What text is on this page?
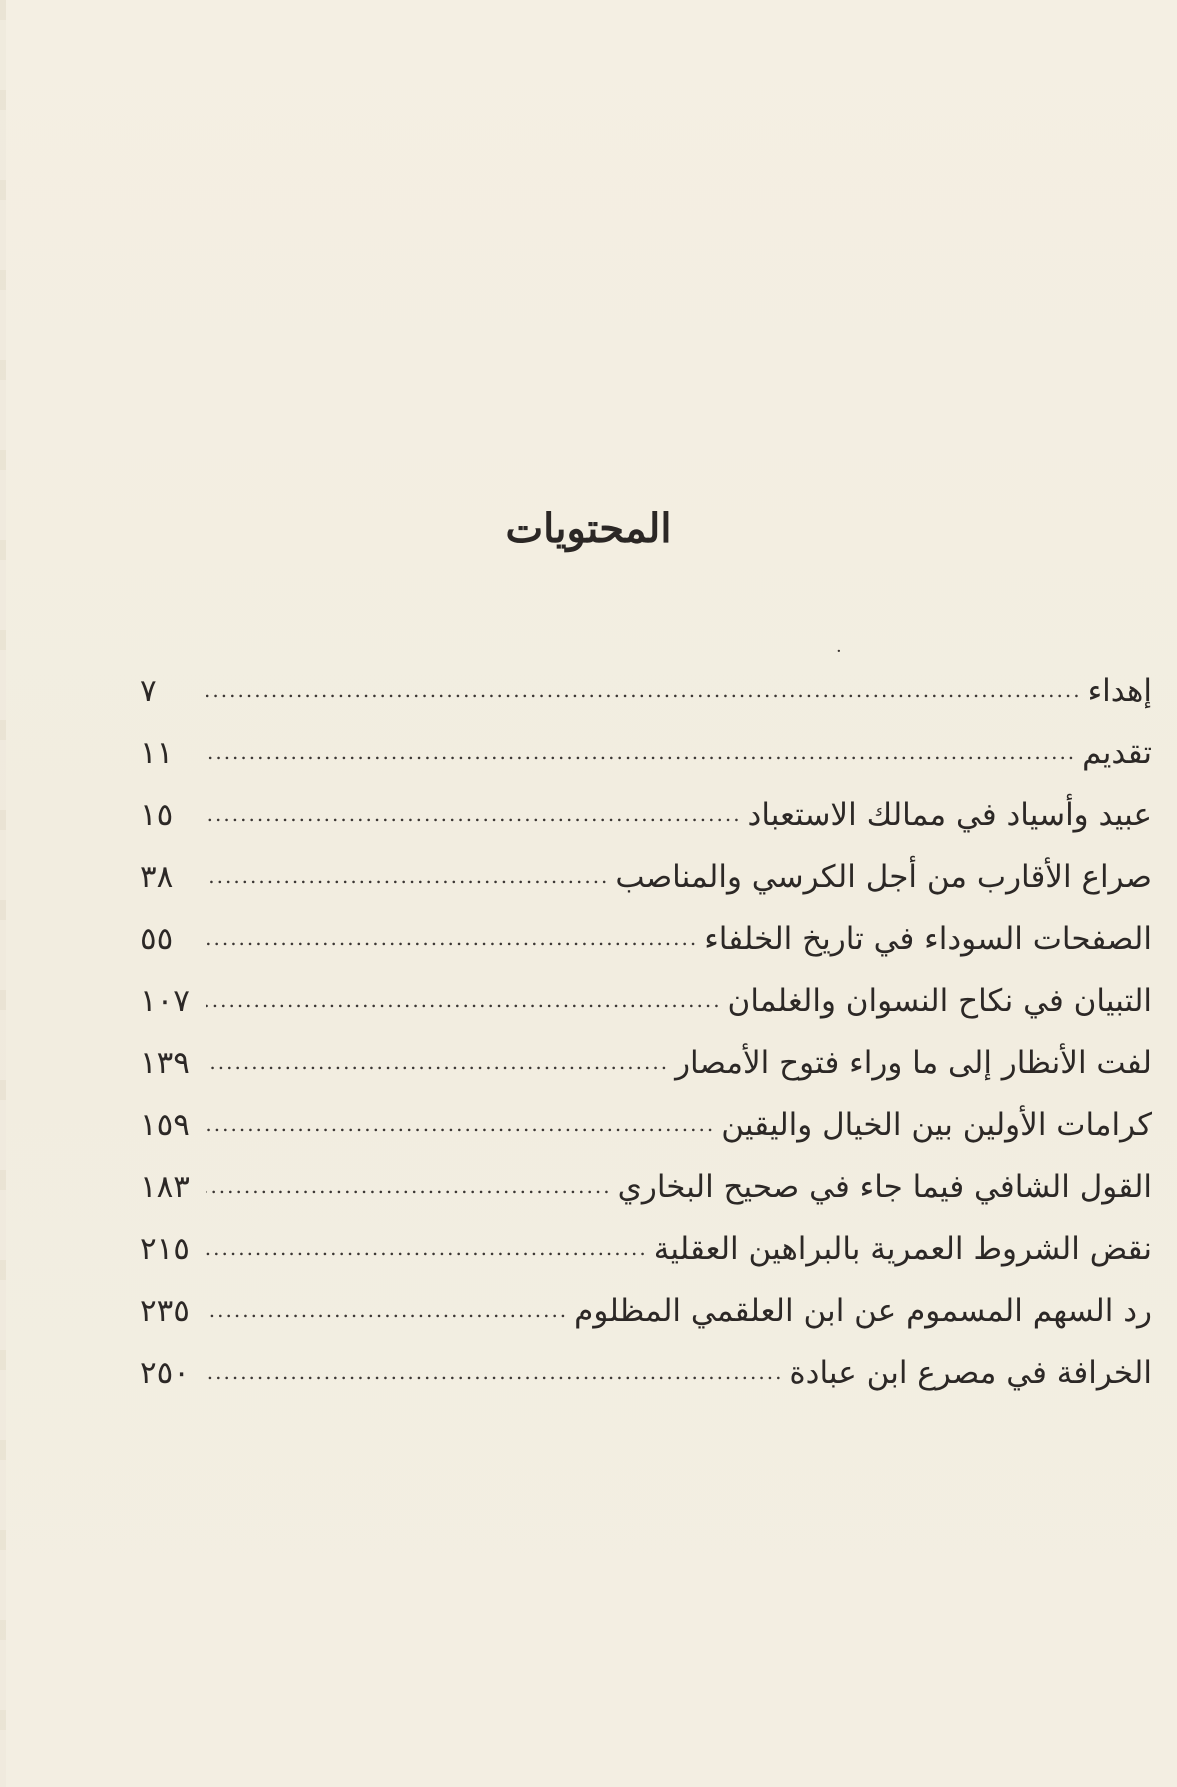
المحتويات
·
إهداء
.....
٧
تقديم
.....
١١
عبيد وأسياد في ممالك الاستعباد
.....
١٥
صراع الأقارب من أجل الكرسي والمناصب
.....
٣٨
الصفحات السوداء في تاريخ الخلفاء
.....
٥٥
التبيان في نكاح النسوان والغلمان
.....
١٠٧
لفت الأنظار إلى ما وراء فتوح الأمصار
.....
١٣٩
كرامات الأولين بين الخيال واليقين
.....
١٥٩
القول الشافي فيما جاء في صحيح البخاري
.....
١٨٣
نقض الشروط العمرية بالبراهين العقلية
.....
٢١٥
رد السهم المسموم عن ابن العلقمي المظلوم
.....
٢٣٥
الخرافة في مصرع ابن عبادة
.....
٢٥٠
